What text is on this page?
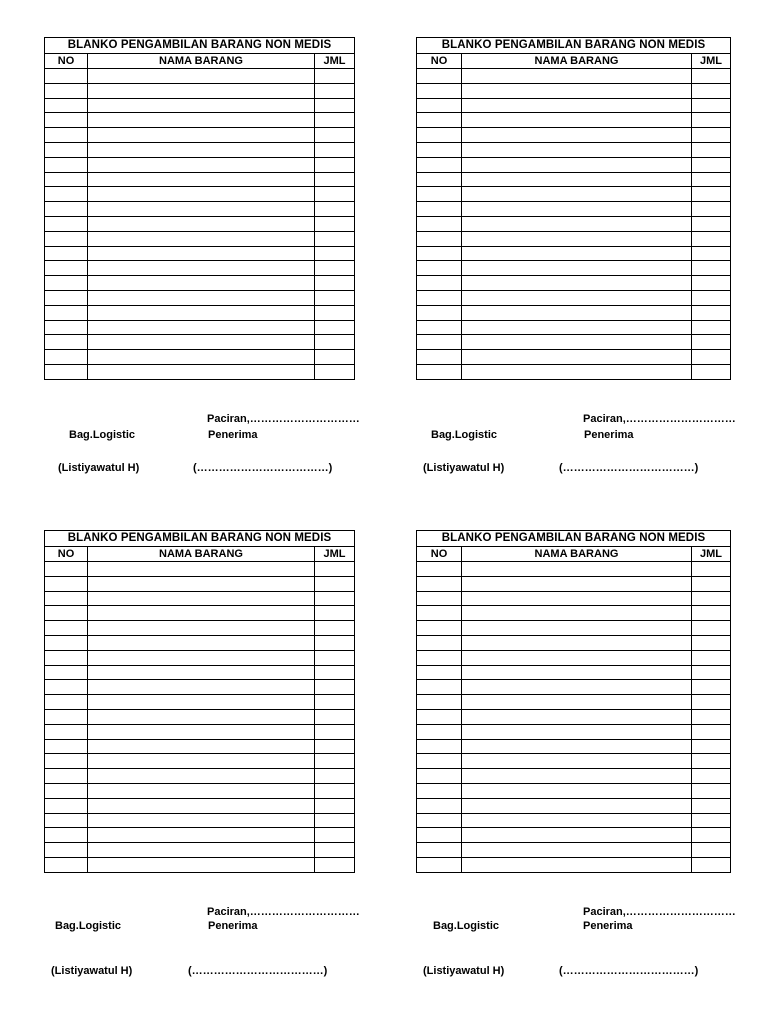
BLANKO PENGAMBILAN BARANG NON MEDIS		
NO	NAMA BARANG	JML

Paciran,…………………………
Bag.Logistic	Penerima
(Listiyawatul H)	(………………………………)
BLANKO PENGAMBILAN BARANG NON MEDIS		
NO	NAMA BARANG	JML

Paciran,…………………………
Bag.Logistic	Penerima
(Listiyawatul H)	(………………………………)
BLANKO PENGAMBILAN BARANG NON MEDIS		
NO	NAMA BARANG	JML

Paciran,…………………………
Bag.Logistic	Penerima
(Listiyawatul H)	(………………………………)
BLANKO PENGAMBILAN BARANG NON MEDIS		
NO	NAMA BARANG	JML

Paciran,…………………………
Bag.Logistic	Penerima
(Listiyawatul H)	(………………………………)
